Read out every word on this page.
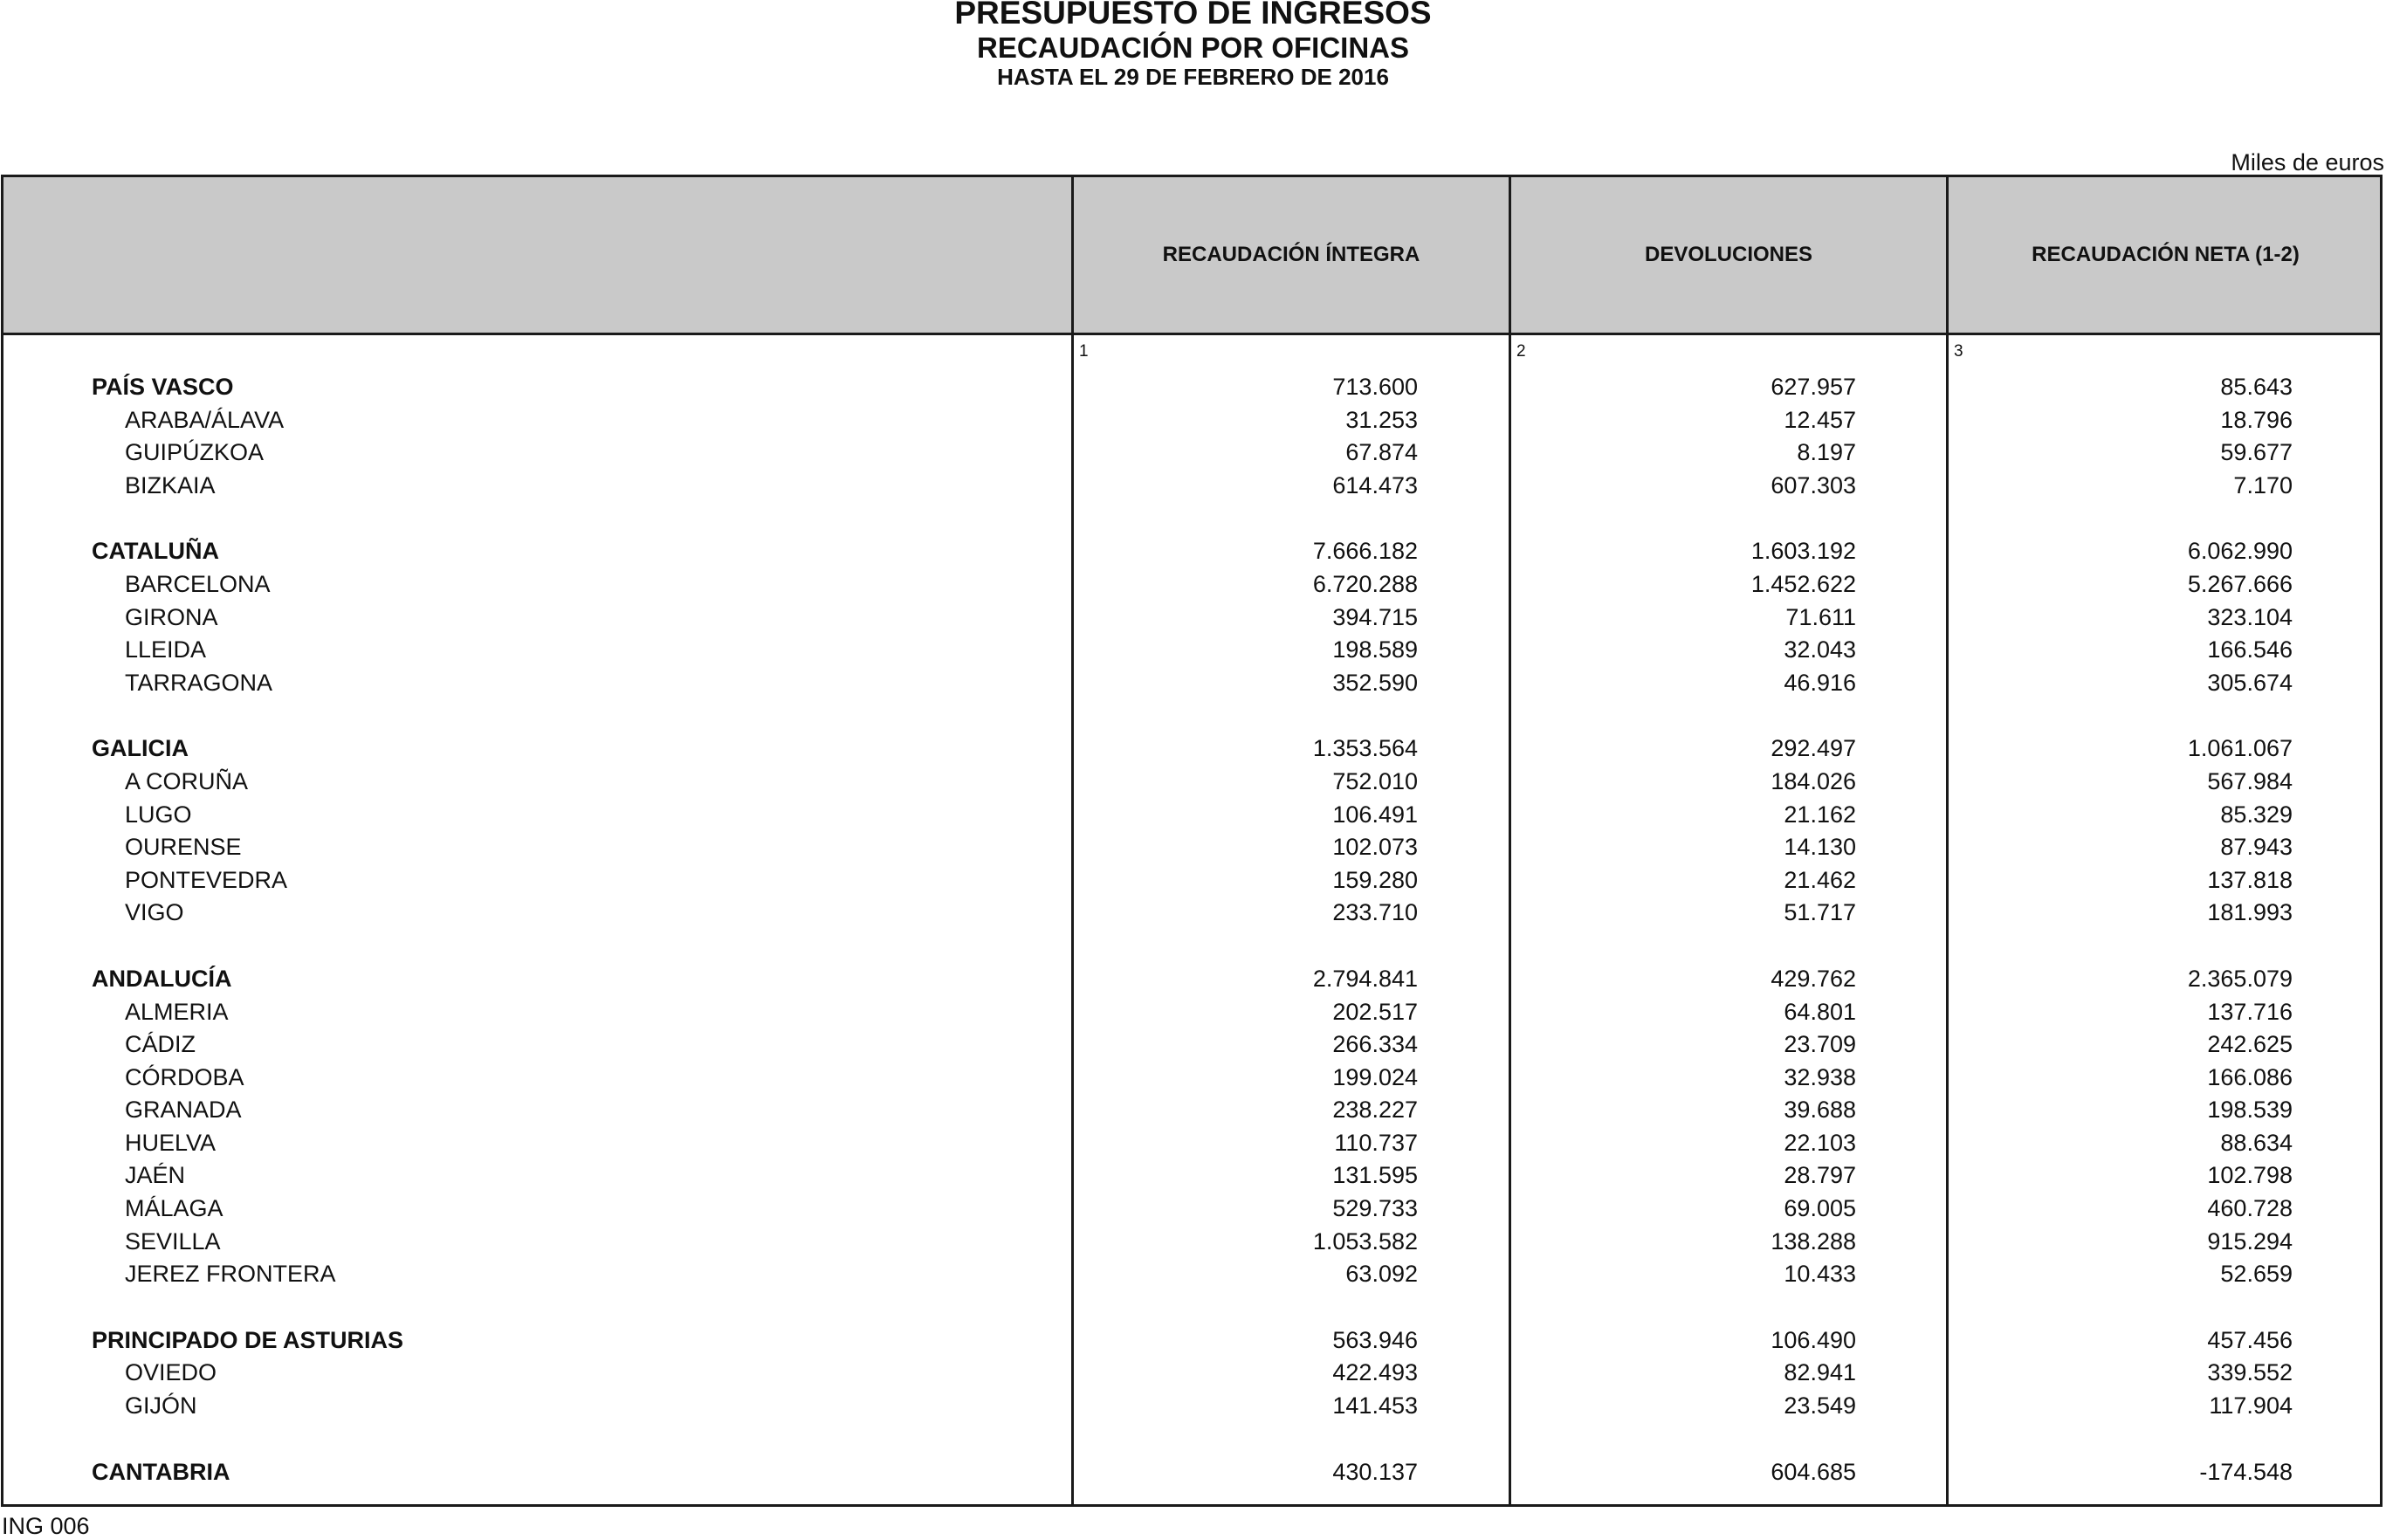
PRESUPUESTO DE INGRESOS
RECAUDACIÓN POR OFICINAS
HASTA EL 29 DE FEBRERO DE 2016
Miles de euros
RECAUDACIÓN ÍNTEGRA	DEVOLUCIONES	RECAUDACIÓN NETA (1-2)
1	2	3
PAÍS VASCO	713.600	627.957	85.643
ARABA/ÁLAVA	31.253	12.457	18.796
GUIPÚZKOA	67.874	8.197	59.677
BIZKAIA	614.473	607.303	7.170
CATALUÑA	7.666.182	1.603.192	6.062.990
BARCELONA	6.720.288	1.452.622	5.267.666
GIRONA	394.715	71.611	323.104
LLEIDA	198.589	32.043	166.546
TARRAGONA	352.590	46.916	305.674
GALICIA	1.353.564	292.497	1.061.067
A CORUÑA	752.010	184.026	567.984
LUGO	106.491	21.162	85.329
OURENSE	102.073	14.130	87.943
PONTEVEDRA	159.280	21.462	137.818
VIGO	233.710	51.717	181.993
ANDALUCÍA	2.794.841	429.762	2.365.079
ALMERIA	202.517	64.801	137.716
CÁDIZ	266.334	23.709	242.625
CÓRDOBA	199.024	32.938	166.086
GRANADA	238.227	39.688	198.539
HUELVA	110.737	22.103	88.634
JAÉN	131.595	28.797	102.798
MÁLAGA	529.733	69.005	460.728
SEVILLA	1.053.582	138.288	915.294
JEREZ FRONTERA	63.092	10.433	52.659
PRINCIPADO DE ASTURIAS	563.946	106.490	457.456
OVIEDO	422.493	82.941	339.552
GIJÓN	141.453	23.549	117.904
CANTABRIA	430.137	604.685	-174.548
ING 006
